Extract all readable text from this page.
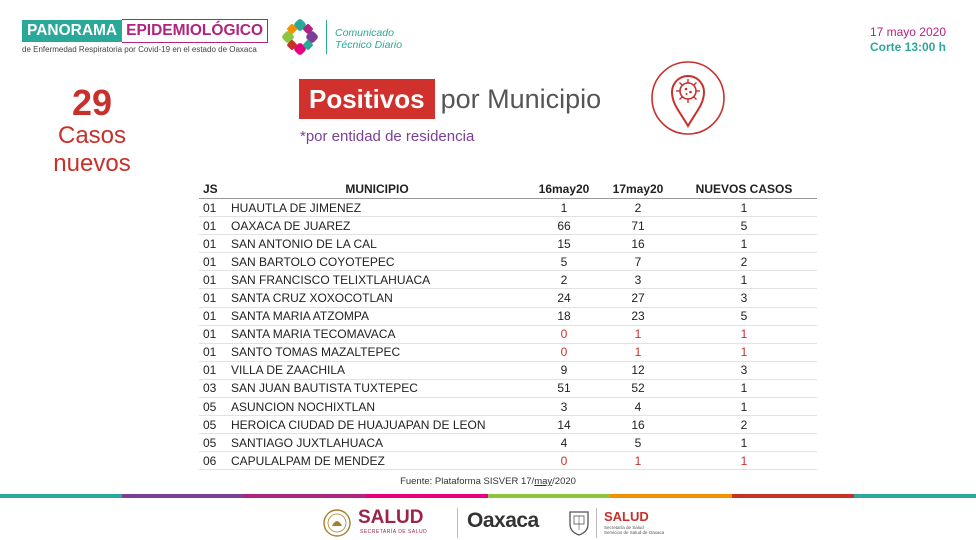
PANORAMA EPIDEMIOLÓGICO
de Enfermedad Respiratoria por Covid-19 en el estado de Oaxaca
Comunicado
Técnico Diario
17 mayo 2020
Corte 13:00 h
29
Casos
nuevos
Positivos por Municipio
*por entidad de residencia
JS	MUNICIPIO	16may20	17may20	NUEVOS CASOS
01	HUAUTLA DE JIMENEZ	1	2	1
01	OAXACA DE JUAREZ	66	71	5
01	SAN ANTONIO DE LA CAL	15	16	1
01	SAN BARTOLO COYOTEPEC	5	7	2
01	SAN FRANCISCO TELIXTLAHUACA	2	3	1
01	SANTA CRUZ XOXOCOTLAN	24	27	3
01	SANTA MARIA ATZOMPA	18	23	5
01	SANTA MARIA TECOMAVACA	0	1	1
01	SANTO TOMAS MAZALTEPEC	0	1	1
01	VILLA DE ZAACHILA	9	12	3
03	SAN JUAN BAUTISTA TUXTEPEC	51	52	1
05	ASUNCION NOCHIXTLAN	3	4	1
05	HEROICA CIUDAD DE HUAJUAPAN DE LEON	14	16	2
05	SANTIAGO JUXTLAHUACA	4	5	1
06	CAPULALPAM DE MENDEZ	0	1	1
Fuente: Plataforma SISVER 17/may/2020
SALUD
SECRETARÍA DE SALUD Oaxaca	SALUD
Secretaría de Salud
Servicios de Salud de Oaxaca
